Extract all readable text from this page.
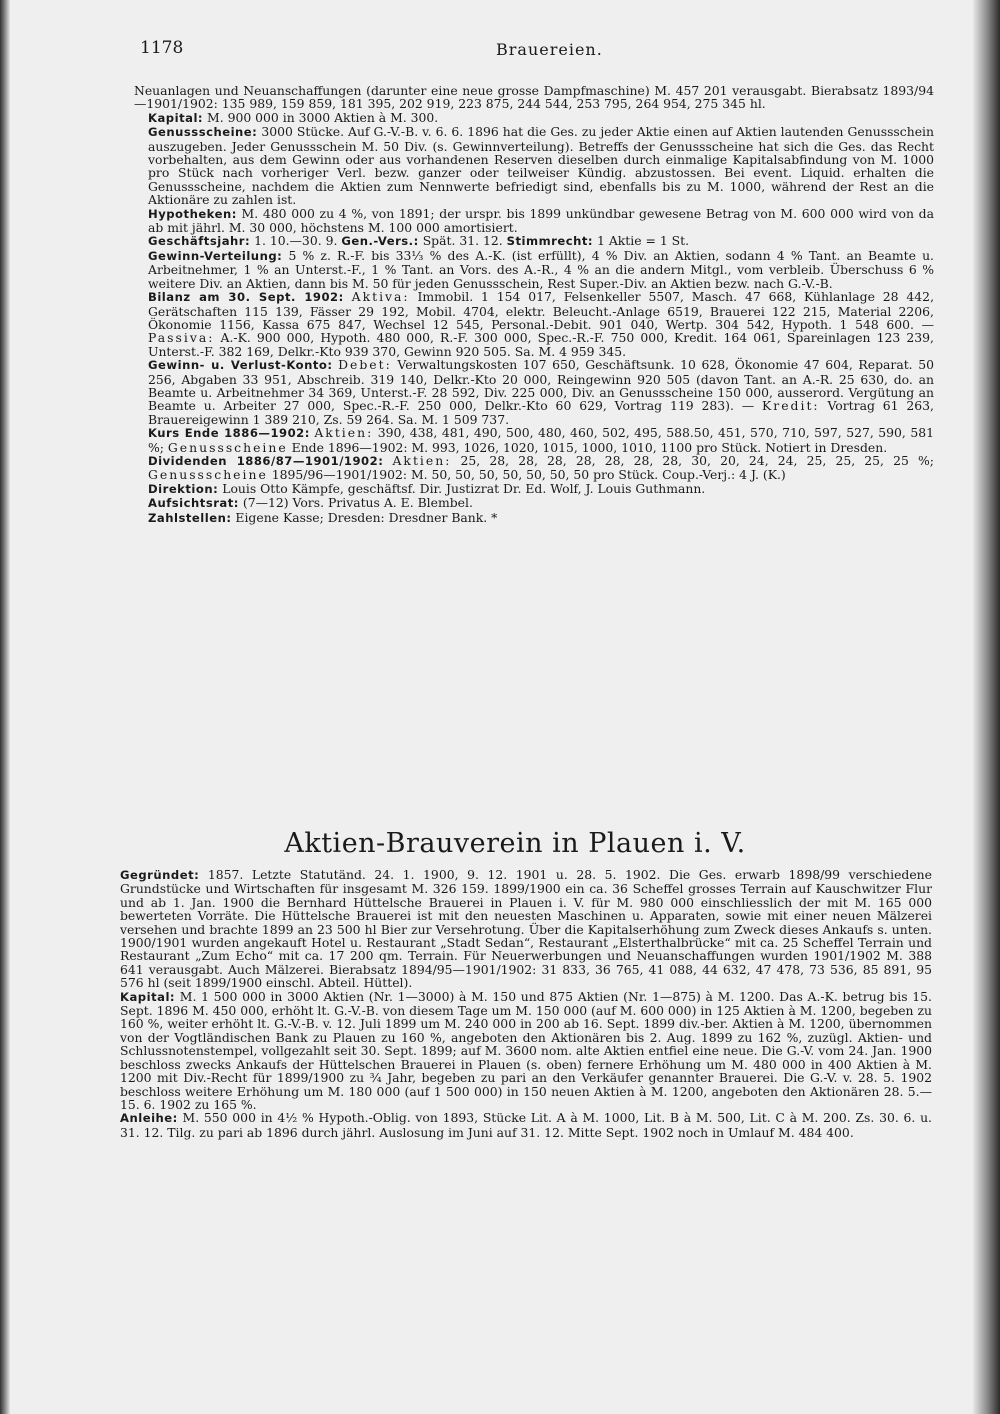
1178	Brauereien.

Neuanlagen und Neuanschaffungen (darunter eine neue grosse Dampfmaschine) M. 457 201 verausgabt. Bierabsatz 1893/94—1901/1902: 135 989, 159 859, 181 395, 202 919, 223 875, 244 544, 253 795, 264 954, 275 345 hl.

Kapital: M. 900 000 in 3000 Aktien à M. 300.

Genussscheine: 3000 Stücke. Auf G.-V.-B. v. 6. 6. 1896 hat die Ges. zu jeder Aktie einen auf Aktien lautenden Genussschein auszugeben. Jeder Genussschein M. 50 Div. (s. Gewinnverteilung). Betreffs der Genussscheine hat sich die Ges. das Recht vorbehalten, aus dem Gewinn oder aus vorhandenen Reserven dieselben durch einmalige Kapitalsabfindung von M. 1000 pro Stück nach vorheriger Verl. bezw. ganzer oder teilweiser Kündig. abzustossen. Bei event. Liquid. erhalten die Genussscheine, nachdem die Aktien zum Nennwerte befriedigt sind, ebenfalls bis zu M. 1000, während der Rest an die Aktionäre zu zahlen ist.

Hypotheken: M. 480 000 zu 4 %, von 1891; der urspr. bis 1899 unkündbar gewesene Betrag von M. 600 000 wird von da ab mit jährl. M. 30 000, höchstens M. 100 000 amortisiert.

Geschäftsjahr: 1. 10.—30. 9. Gen.-Vers.: Spät. 31. 12. Stimmrecht: 1 Aktie = 1 St.

Gewinn-Verteilung: 5 % z. R.-F. bis 33⅓ % des A.-K. (ist erfüllt), 4 % Div. an Aktien, sodann 4 % Tant. an Beamte u. Arbeitnehmer, 1 % an Unterst.-F., 1 % Tant. an Vors. des A.-R., 4 % an die andern Mitgl., vom verbleib. Überschuss 6 % weitere Div. an Aktien, dann bis M. 50 für jeden Genussschein, Rest Super.-Div. an Aktien bezw. nach G.-V.-B.

Bilanz am 30. Sept. 1902: Aktiva: Immobil. 1 154 017, Felsenkeller 5507, Masch. 47 668, Kühlanlage 28 442, Gerätschaften 115 139, Fässer 29 192, Mobil. 4704, elektr. Beleucht.-Anlage 6519, Brauerei 122 215, Material 2206, Ökonomie 1156, Kassa 675 847, Wechsel 12 545, Personal.-Debit. 901 040, Wertp. 304 542, Hypoth. 1 548 600. — Passiva: A.-K. 900 000, Hypoth. 480 000, R.-F. 300 000, Spec.-R.-F. 750 000, Kredit. 164 061, Spareinlagen 123 239, Unterst.-F. 382 169, Delkr.-Kto 939 370, Gewinn 920 505. Sa. M. 4 959 345.

Gewinn- u. Verlust-Konto: Debet: Verwaltungskosten 107 650, Geschäftsunk. 10 628, Ökonomie 47 604, Reparat. 50 256, Abgaben 33 951, Abschreib. 319 140, Delkr.-Kto 20 000, Reingewinn 920 505 (davon Tant. an A.-R. 25 630, do. an Beamte u. Arbeitnehmer 34 369, Unterst.-F. 28 592, Div. 225 000, Div. an Genussscheine 150 000, ausserord. Vergütung an Beamte u. Arbeiter 27 000, Spec.-R.-F. 250 000, Delkr.-Kto 60 629, Vortrag 119 283). — Kredit: Vortrag 61 263, Brauereigewinn 1 389 210, Zs. 59 264. Sa. M. 1 509 737.

Kurs Ende 1886—1902: Aktien: 390, 438, 481, 490, 500, 480, 460, 502, 495, 588.50, 451, 570, 710, 597, 527, 590, 581 %; Genussscheine Ende 1896—1902: M. 993, 1026, 1020, 1015, 1000, 1010, 1100 pro Stück. Notiert in Dresden.

Dividenden 1886/87—1901/1902: Aktien: 25, 28, 28, 28, 28, 28, 28, 28, 30, 20, 24, 24, 25, 25, 25, 25 %; Genussscheine 1895/96—1901/1902: M. 50, 50, 50, 50, 50, 50, 50 pro Stück. Coup.-Verj.: 4 J. (K.)

Direktion: Louis Otto Kämpfe, geschäftsf. Dir. Justizrat Dr. Ed. Wolf, J. Louis Guthmann.

Aufsichtsrat: (7—12) Vors. Privatus A. E. Blembel.

Zahlstellen: Eigene Kasse; Dresden: Dresdner Bank. *

Aktien-Brauverein in Plauen i. V.

Gegründet: 1857. Letzte Statutänd. 24. 1. 1900, 9. 12. 1901 u. 28. 5. 1902. Die Ges. erwarb 1898/99 verschiedene Grundstücke und Wirtschaften für insgesamt M. 326 159. 1899/1900 ein ca. 36 Scheffel grosses Terrain auf Kauschwitzer Flur und ab 1. Jan. 1900 die Bernhard Hüttelsche Brauerei in Plauen i. V. für M. 980 000 einschliesslich der mit M. 165 000 bewerteten Vorräte. Die Hüttelsche Brauerei ist mit den neuesten Maschinen u. Apparaten, sowie mit einer neuen Mälzerei versehen und brachte 1899 an 23 500 hl Bier zur Versehrotung. Über die Kapitalserhöhung zum Zweck dieses Ankaufs s. unten. 1900/1901 wurden angekauft Hotel u. Restaurant „Stadt Sedan“, Restaurant „Elsterthalbrücke“ mit ca. 25 Scheffel Terrain und Restaurant „Zum Echo“ mit ca. 17 200 qm. Terrain. Für Neuerwerbungen und Neuanschaffungen wurden 1901/1902 M. 388 641 verausgabt. Auch Mälzerei. Bierabsatz 1894/95—1901/1902: 31 833, 36 765, 41 088, 44 632, 47 478, 73 536, 85 891, 95 576 hl (seit 1899/1900 einschl. Abteil. Hüttel).

Kapital: M. 1 500 000 in 3000 Aktien (Nr. 1—3000) à M. 150 und 875 Aktien (Nr. 1—875) à M. 1200. Das A.-K. betrug bis 15. Sept. 1896 M. 450 000, erhöht lt. G.-V.-B. von diesem Tage um M. 150 000 (auf M. 600 000) in 125 Aktien à M. 1200, begeben zu 160 %, weiter erhöht lt. G.-V.-B. v. 12. Juli 1899 um M. 240 000 in 200 ab 16. Sept. 1899 div.-ber. Aktien à M. 1200, übernommen von der Vogtländischen Bank zu Plauen zu 160 %, angeboten den Aktionären bis 2. Aug. 1899 zu 162 %, zuzügl. Aktien- und Schlussnotenstempel, vollgezahlt seit 30. Sept. 1899; auf M. 3600 nom. alte Aktien entfiel eine neue. Die G.-V. vom 24. Jan. 1900 beschloss zwecks Ankaufs der Hüttelschen Brauerei in Plauen (s. oben) fernere Erhöhung um M. 480 000 in 400 Aktien à M. 1200 mit Div.-Recht für 1899/1900 zu ¾ Jahr, begeben zu pari an den Verkäufer genannter Brauerei. Die G.-V. v. 28. 5. 1902 beschloss weitere Erhöhung um M. 180 000 (auf 1 500 000) in 150 neuen Aktien à M. 1200, angeboten den Aktionären 28. 5.—15. 6. 1902 zu 165 %.

Anleihe: M. 550 000 in 4½ % Hypoth.-Oblig. von 1893, Stücke Lit. A à M. 1000, Lit. B à M. 500, Lit. C à M. 200. Zs. 30. 6. u. 31. 12. Tilg. zu pari ab 1896 durch jährl. Auslosung im Juni auf 31. 12. Mitte Sept. 1902 noch in Umlauf M. 484 400.
